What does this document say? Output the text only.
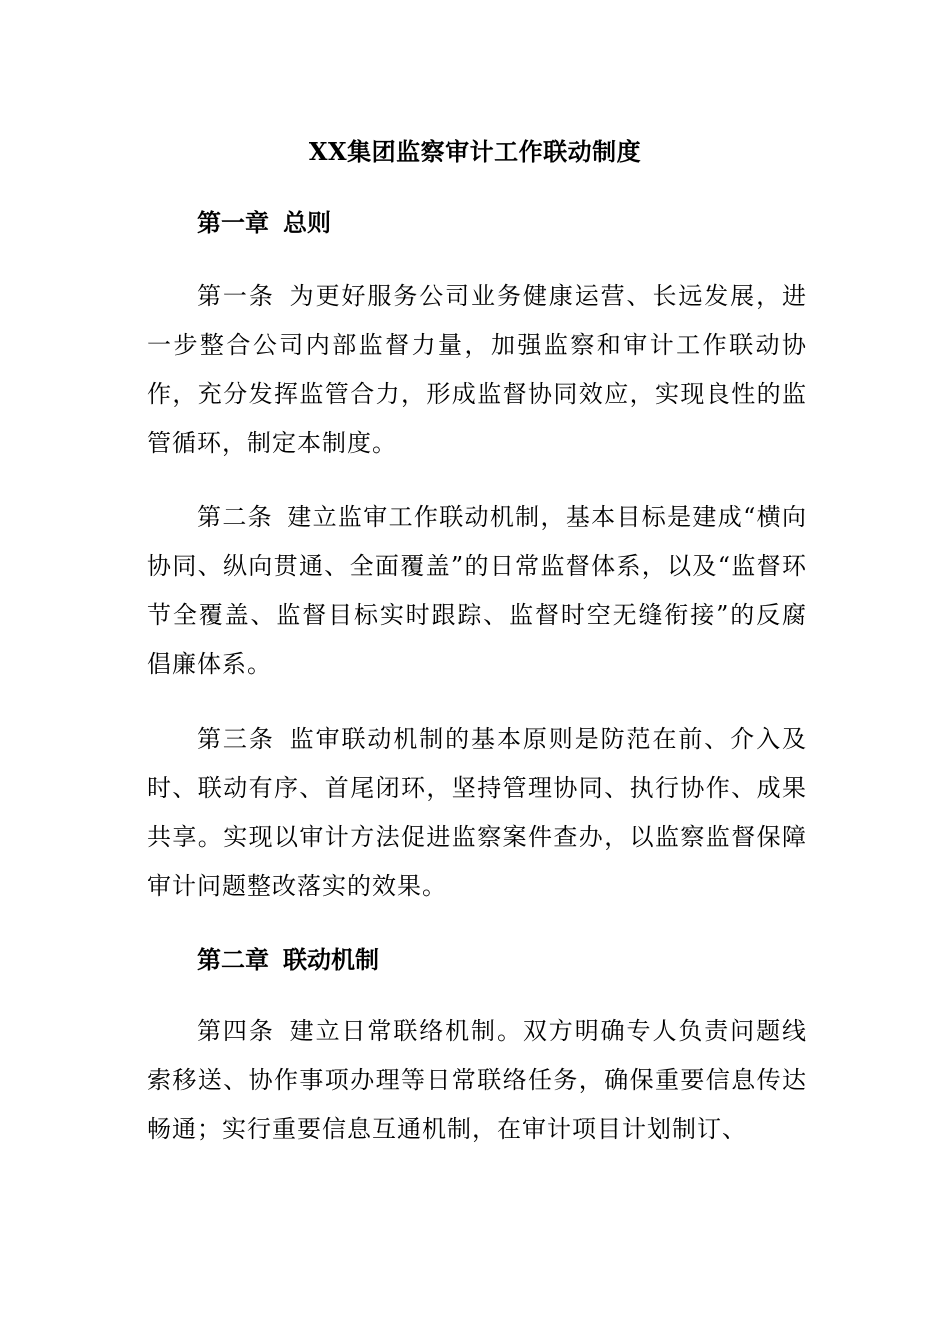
XX集团监察审计工作联动制度
第一章 总则
第一条 为更好服务公司业务健康运营、长远发展，进一步整合公司内部监督力量，加强监察和审计工作联动协作，充分发挥监管合力，形成监督协同效应，实现良性的监管循环，制定本制度。
第二条 建立监审工作联动机制，基本目标是建成“横向协同、纵向贯通、全面覆盖”的日常监督体系，以及“监督环节全覆盖、监督目标实时跟踪、监督时空无缝衔接”的反腐倡廉体系。
第三条 监审联动机制的基本原则是防范在前、介入及时、联动有序、首尾闭环，坚持管理协同、执行协作、成果共享。实现以审计方法促进监察案件查办，以监察监督保障审计问题整改落实的效果。
第二章 联动机制
第四条 建立日常联络机制。双方明确专人负责问题线索移送、协作事项办理等日常联络任务，确保重要信息传达畅通；实行重要信息互通机制，在审计项目计划制订、
